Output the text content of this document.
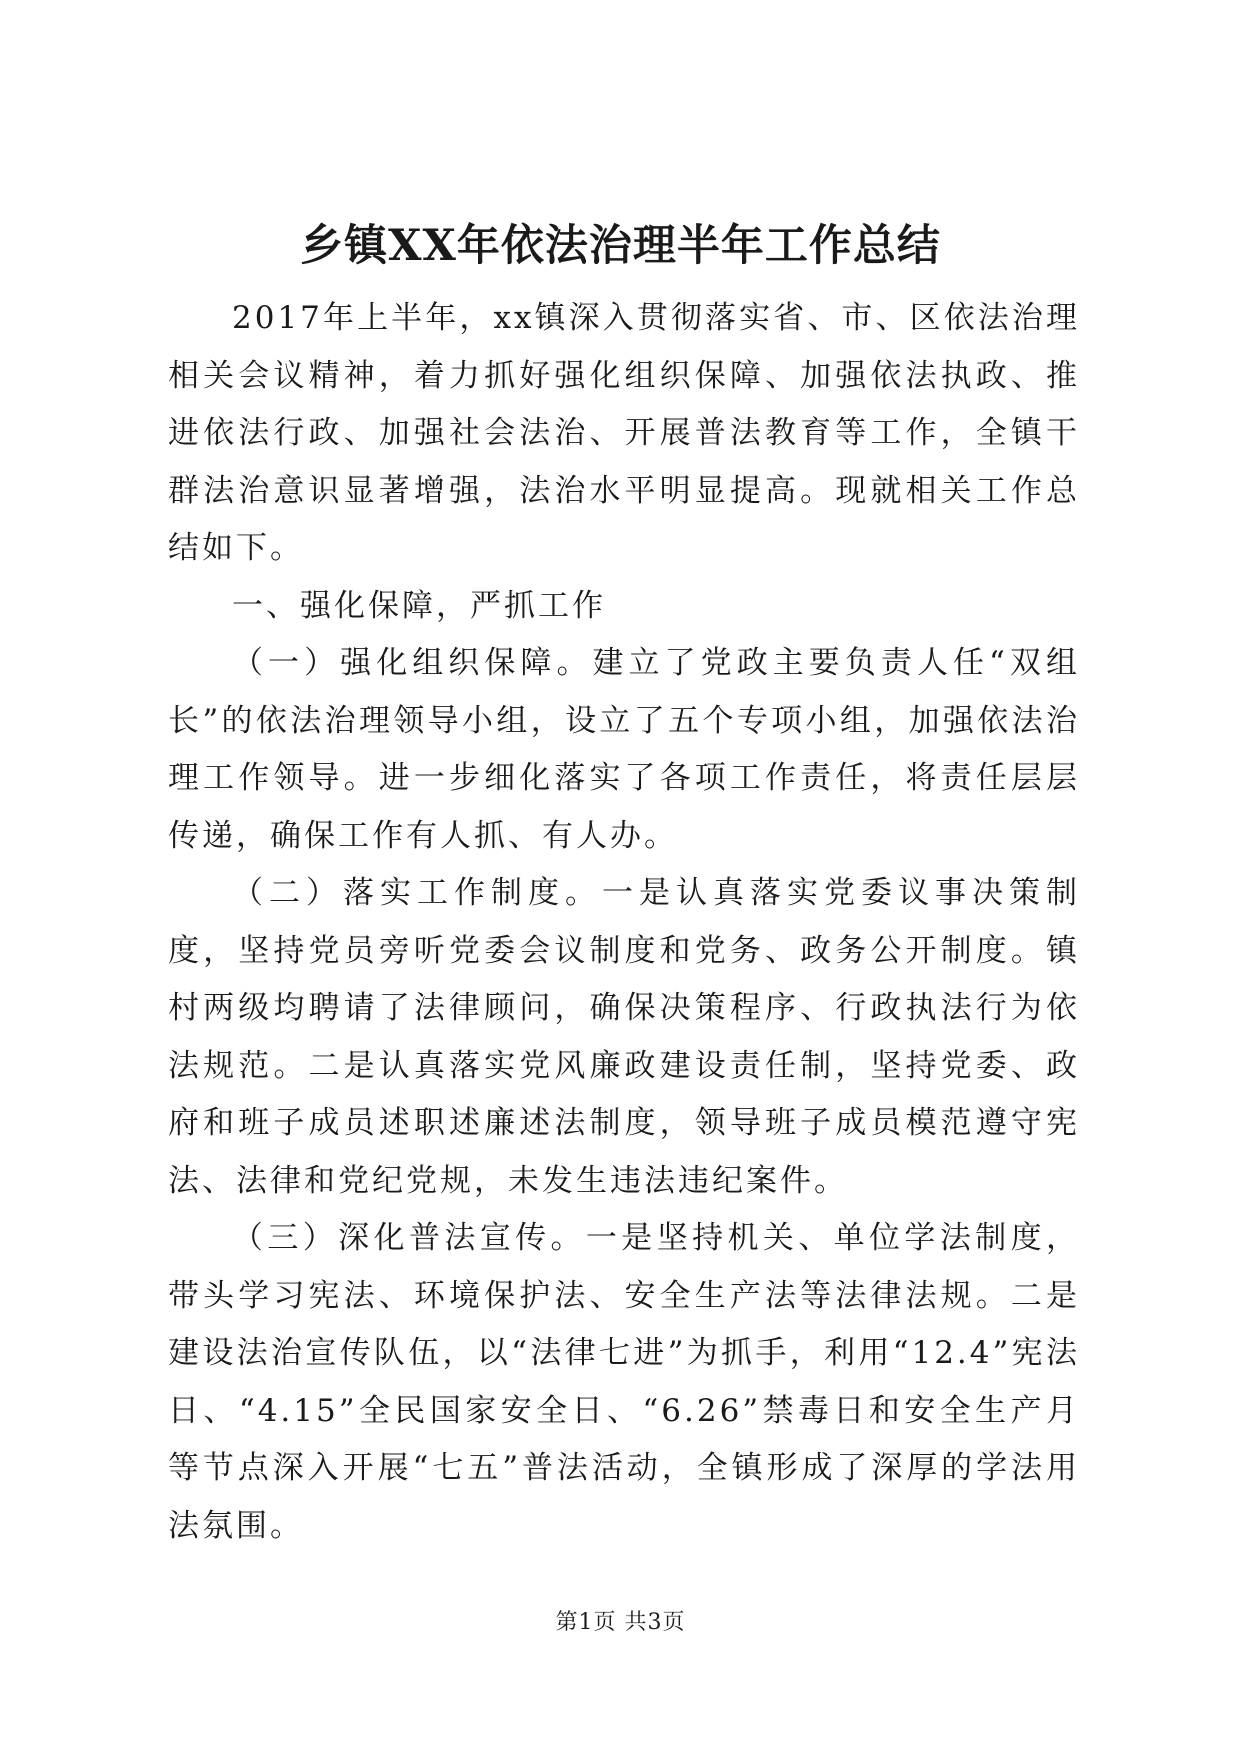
乡镇XX年依法治理半年工作总结

2017年上半年，xx镇深入贯彻落实省、市、区依法治理相关会议精神，着力抓好强化组织保障、加强依法执政、推进依法行政、加强社会法治、开展普法教育等工作，全镇干群法治意识显著增强，法治水平明显提高。现就相关工作总结如下。

一、强化保障，严抓工作

（一）强化组织保障。建立了党政主要负责人任“双组长”的依法治理领导小组，设立了五个专项小组，加强依法治理工作领导。进一步细化落实了各项工作责任，将责任层层传递，确保工作有人抓、有人办。

（二）落实工作制度。一是认真落实党委议事决策制度，坚持党员旁听党委会议制度和党务、政务公开制度。镇村两级均聘请了法律顾问，确保决策程序、行政执法行为依法规范。二是认真落实党风廉政建设责任制，坚持党委、政府和班子成员述职述廉述法制度，领导班子成员模范遵守宪法、法律和党纪党规，未发生违法违纪案件。

（三）深化普法宣传。一是坚持机关、单位学法制度，带头学习宪法、环境保护法、安全生产法等法律法规。二是建设法治宣传队伍，以“法律七进”为抓手，利用“12.4”宪法日、“4.15”全民国家安全日、“6.26”禁毒日和安全生产月等节点深入开展“七五”普法活动，全镇形成了深厚的学法用法氛围。

第1页 共3页
